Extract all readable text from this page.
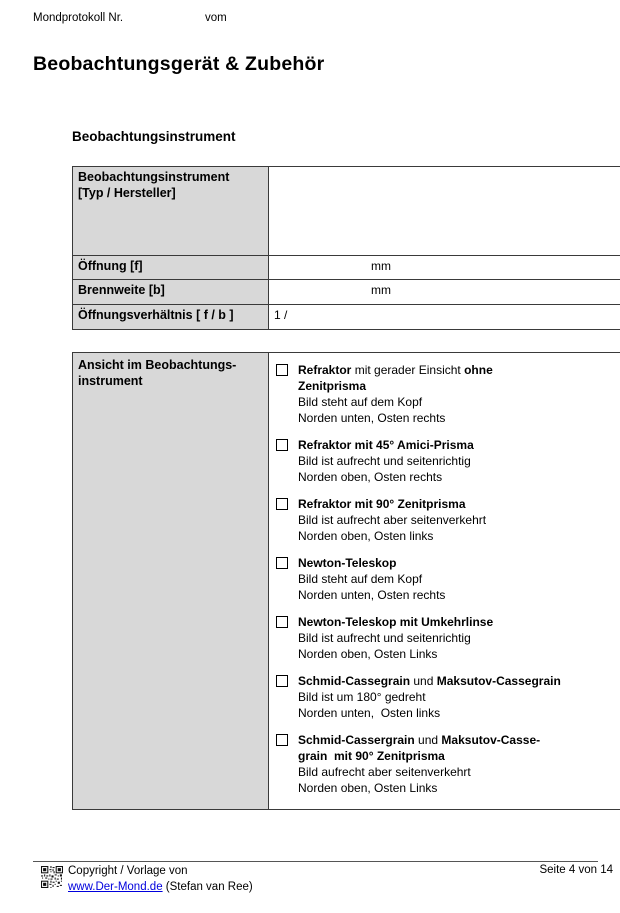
Mondprotokoll Nr.	vom
Beobachtungsgerät & Zubehör
Beobachtungsinstrument
Beobachtungsinstrument
[Typ / Hersteller]	

Öffnung [f]	mm
Brennweite [b]	mm
Öffnungsverhältnis [ f / b ]	1 /
Ansicht im Beobachtungs-
instrument

Refraktor mit gerader Einsicht ohne
Zenitprisma
Bild steht auf dem Kopf
Norden unten, Osten rechts
Refraktor mit 45° Amici-Prisma
Bild ist aufrecht und seitenrichtig
Norden oben, Osten rechts
Refraktor mit 90° Zenitprisma
Bild ist aufrecht aber seitenverkehrt
Norden oben, Osten links
Newton-Teleskop
Bild steht auf dem Kopf
Norden unten, Osten rechts
Newton-Teleskop mit Umkehrlinse
Bild ist aufrecht und seitenrichtig
Norden oben, Osten Links
Schmid-Cassegrain und Maksutov-Cassegrain
Bild ist um 180° gedreht
Norden unten,  Osten links
Schmid-Cassergrain und Maksutov-Casse-
grain  mit 90° Zenitprisma
Bild aufrecht aber seitenverkehrt
Norden oben, Osten Links
Copyright / Vorlage von
www.Der-Mond.de (Stefan van Ree)
Seite 4 von 14
